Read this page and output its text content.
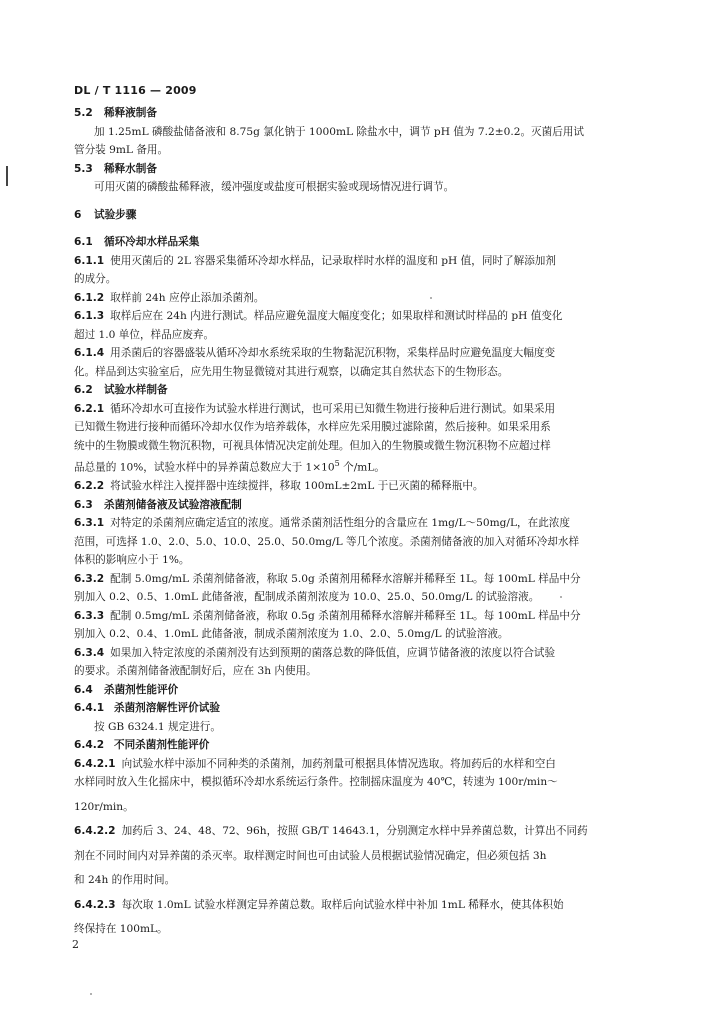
DL / T 1116 — 2009
5.2 稀释液制备
加 1.25mL 磷酸盐储备液和 8.75g 氯化钠于 1000mL 除盐水中，调节 pH 值为 7.2±0.2。灭菌后用试
管分装 9mL 备用。
5.3 稀释水制备
可用灭菌的磷酸盐稀释液，缓冲强度或盐度可根据实验或现场情况进行调节。
6 试验步骤
6.1 循环冷却水样品采集
6.1.1 使用灭菌后的 2L 容器采集循环冷却水样品，记录取样时水样的温度和 pH 值，同时了解添加剂
的成分。
6.1.2 取样前 24h 应停止添加杀菌剂。
6.1.3 取样后应在 24h 内进行测试。样品应避免温度大幅度变化；如果取样和测试时样品的 pH 值变化
超过 1.0 单位，样品应废弃。
6.1.4 用杀菌后的容器盛装从循环冷却水系统采取的生物黏泥沉积物，采集样品时应避免温度大幅度变
化。样品到达实验室后，应先用生物显微镜对其进行观察，以确定其自然状态下的生物形态。
6.2 试验水样制备
6.2.1 循环冷却水可直接作为试验水样进行测试，也可采用已知微生物进行接种后进行测试。如果采用
已知微生物进行接种而循环冷却水仅作为培养载体，水样应先采用膜过滤除菌，然后接种。如果采用系
统中的生物膜或微生物沉积物，可视具体情况决定前处理。但加入的生物膜或微生物沉积物不应超过样
品总量的 10%，试验水样中的异养菌总数应大于 $1\times 10^5$ 个/mL。
6.2.2 将试验水样注入搅拌器中连续搅拌，移取 100mL±2mL 于已灭菌的稀释瓶中。
6.3 杀菌剂储备液及试验溶液配制
6.3.1 对特定的杀菌剂应确定适宜的浓度。通常杀菌剂活性组分的含量应在 1mg/L～50mg/L，在此浓度
范围，可选择 1.0、2.0、5.0、10.0、25.0、50.0mg/L 等几个浓度。杀菌剂储备液的加入对循环冷却水样
体积的影响应小于 1%。
6.3.2 配制 5.0mg/mL 杀菌剂储备液，称取 5.0g 杀菌剂用稀释水溶解并稀释至 1L。每 100mL 样品中分
别加入 0.2、0.5、1.0mL 此储备液，配制成杀菌剂浓度为 10.0、25.0、50.0mg/L 的试验溶液。
6.3.3 配制 0.5mg/mL 杀菌剂储备液，称取 0.5g 杀菌剂用稀释水溶解并稀释至 1L。每 100mL 样品中分
别加入 0.2、0.4、1.0mL 此储备液，制成杀菌剂浓度为 1.0、2.0、5.0mg/L 的试验溶液。
6.3.4 如果加入特定浓度的杀菌剂没有达到预期的菌落总数的降低值，应调节储备液的浓度以符合试验
的要求。杀菌剂储备液配制好后，应在 3h 内使用。
6.4 杀菌剂性能评价
6.4.1 杀菌剂溶解性评价试验
按 GB 6324.1 规定进行。
6.4.2 不同杀菌剂性能评价
6.4.2.1 向试验水样中添加不同种类的杀菌剂，加药剂量可根据具体情况选取。将加药后的水样和空白
水样同时放入生化摇床中，模拟循环冷却水系统运行条件。控制摇床温度为 40℃，转速为 100r/min～
120r/min。
6.4.2.2 加药后 3、24、48、72、96h，按照 GB/T 14643.1，分别测定水样中异养菌总数，计算出不同药
剂在不同时间内对异养菌的杀灭率。取样测定时间也可由试验人员根据试验情况确定，但必须包括 3h
和 24h 的作用时间。
6.4.2.3 每次取 1.0mL 试验水样测定异养菌总数。取样后向试验水样中补加 1mL 稀释水，使其体积始
终保持在 100mL。
2
